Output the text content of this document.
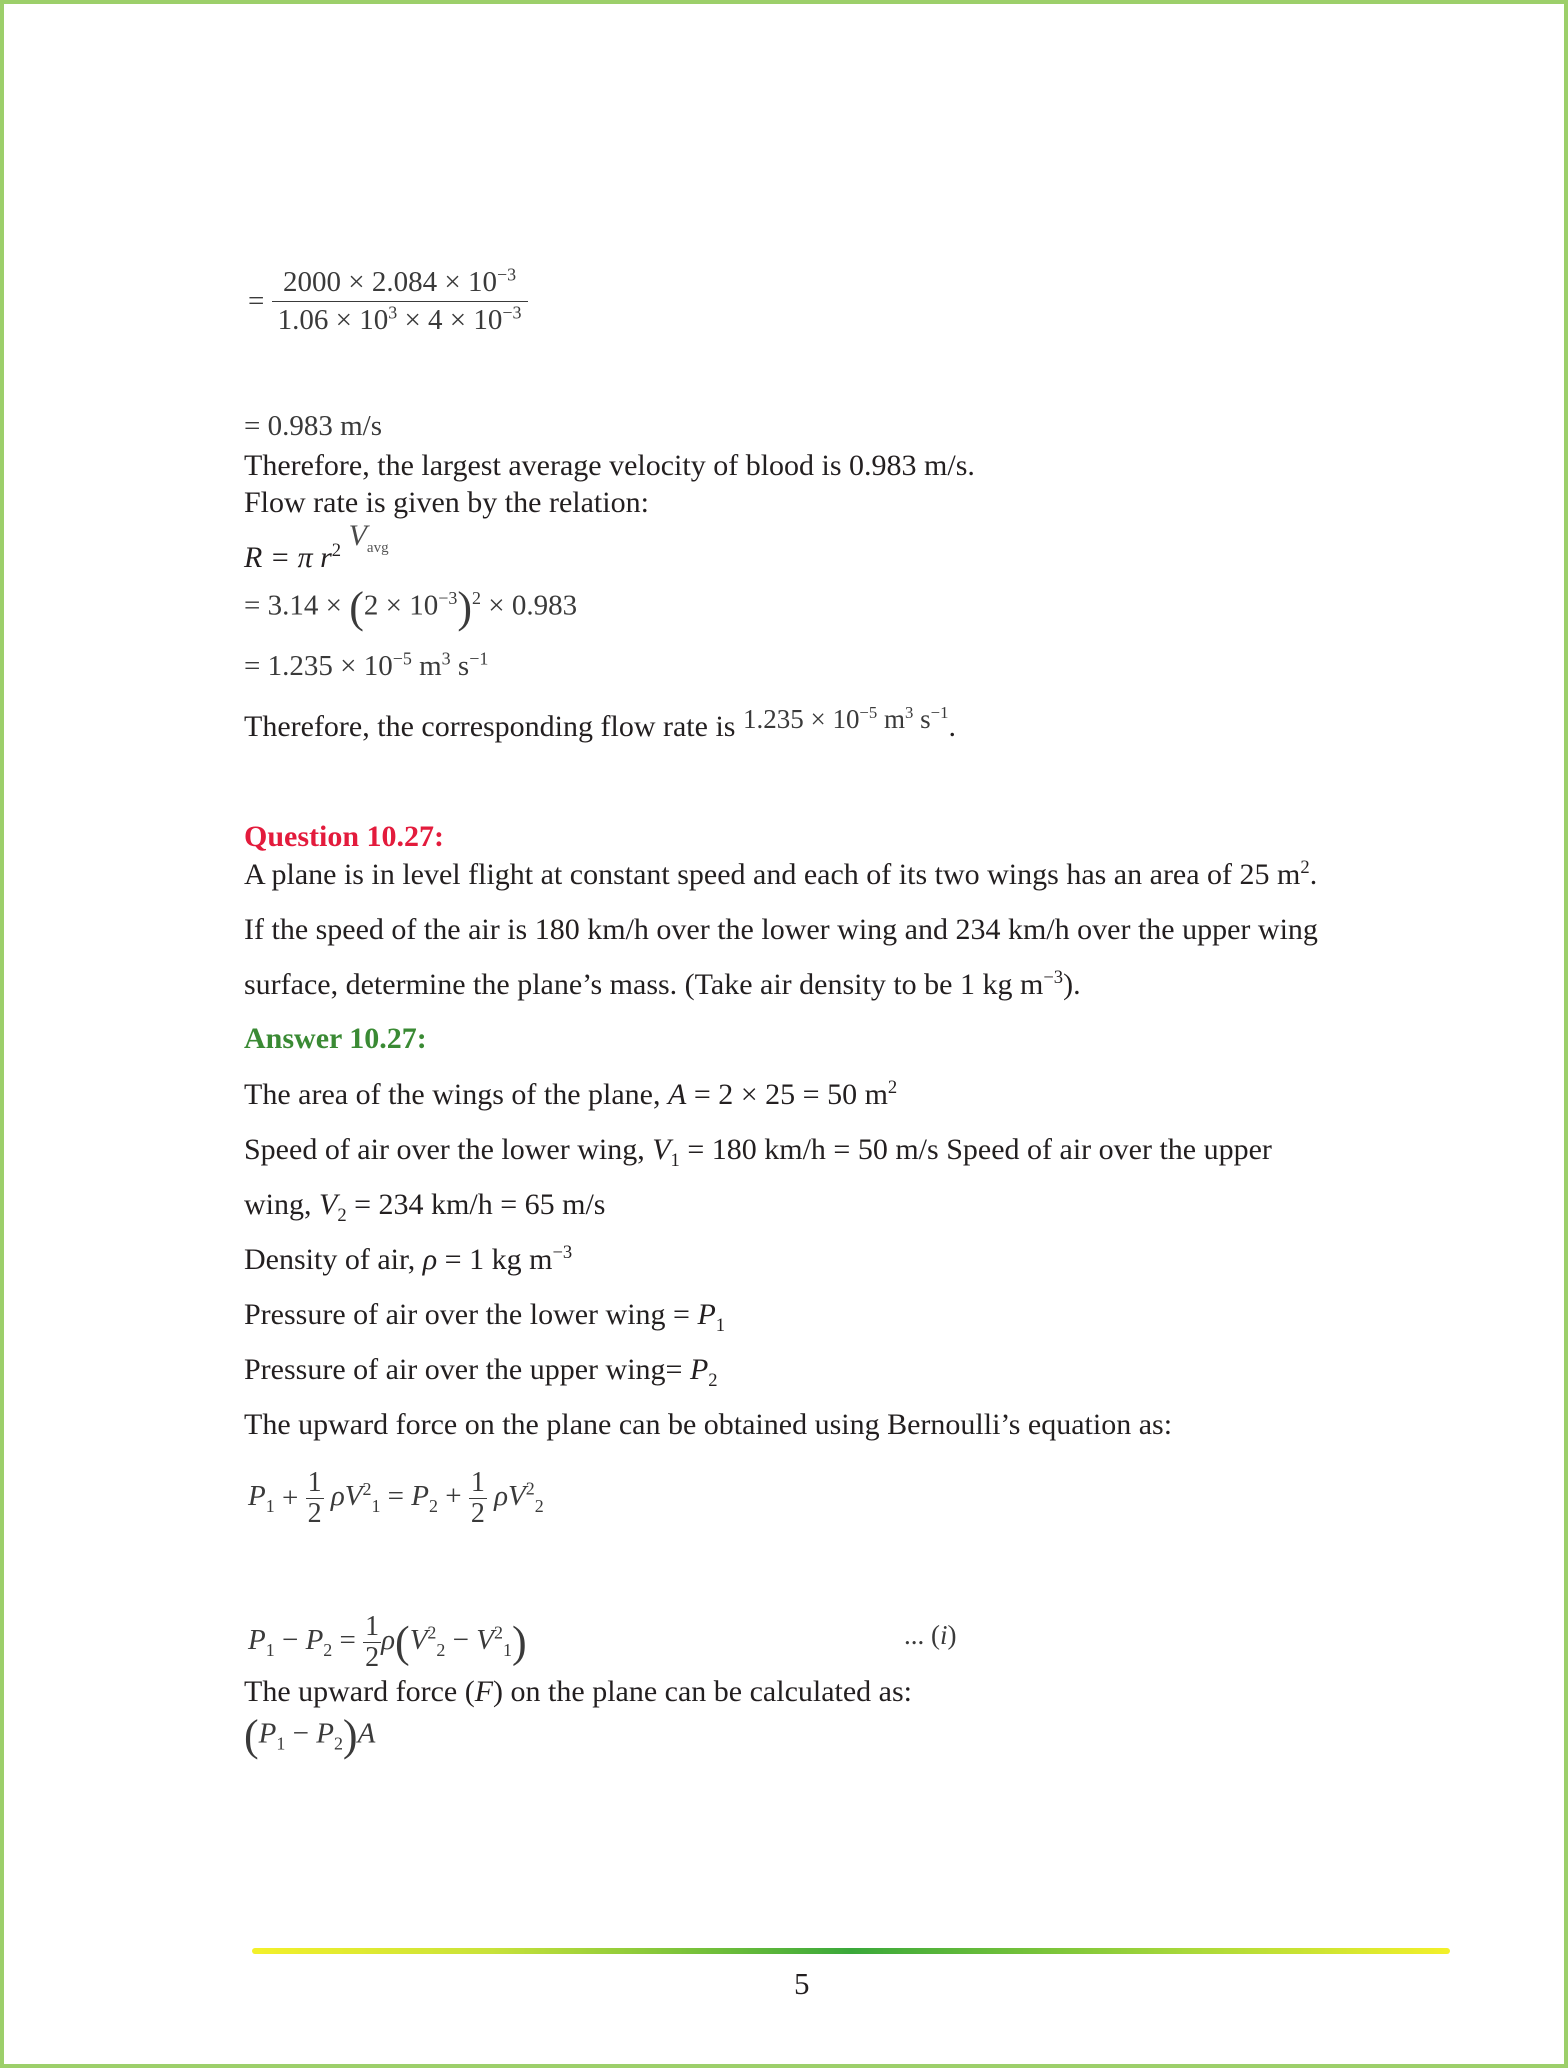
= $\frac{2000 \times 2.084 \times 10^{-3}}{1.06 \times 10^3 \times 4 \times 10^{-3}}$
= 0.983 m/s
Therefore, the largest average velocity of blood is 0.983 m/s.
Flow rate is given by the relation:
R = π $r^2$ $V_{avg}$
= $3.14 \times (2 \times 10^{-3})^2 \times 0.983$
= $1.235 \times 10^{-5}$ $m^3$ $s^{-1}$
Therefore, the corresponding flow rate is $1.235 \times 10^{-5}$ $m^3$ $s^{-1}$.
Question 10.27:
A plane is in level flight at constant speed and each of its two wings has an area of 25 $m^2$.
If the speed of the air is 180 km/h over the lower wing and 234 km/h over the upper wing
surface, determine the plane’s mass. (Take air density to be 1 kg $m^{-3}$).
Answer 10.27:
The area of the wings of the plane, A = 2 × 25 = 50 $m^2$
Speed of air over the lower wing, $V_1 = 180$ km/h = 50 m/s Speed of air over the upper
wing, $V_2 = 234$ km/h = 65 m/s
Density of air, ρ = 1 kg $m^{-3}$
Pressure of air over the lower wing = $P_1$
Pressure of air over the upper wing= $P_2$
The upward force on the plane can be obtained using Bernoulli’s equation as:
$P_1 + \frac{1}{2} \rho V^2_1 = P_2 + \frac{1}{2} \rho V^2_2$
$P_1 - P_2 = \frac{1}{2} \rho(V^2_2 - V^2_1)$	... (i)
The upward force (F) on the plane can be calculated as:
$(P_1 - P_2)A$
5
